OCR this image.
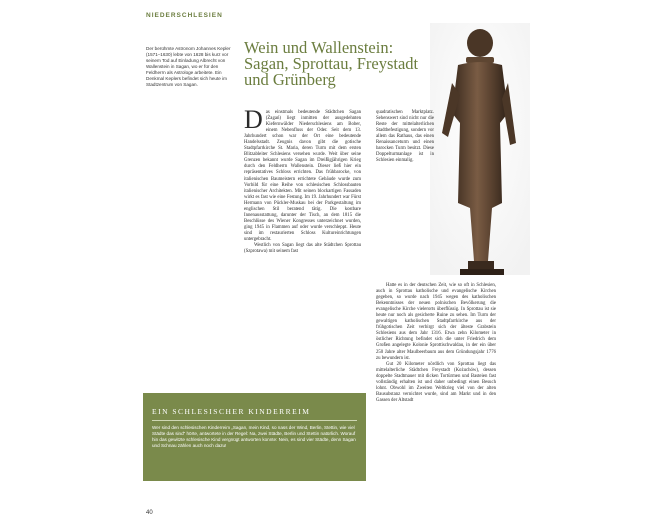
NIEDERSCHLESIEN
Der berühmte Astronom Johannes Kepler (1571–1630) lebte von 1628 bis kurz vor seinem Tod auf Einladung Albrecht von Wallenstein in Sagan, wo er für den Feldherrn als Astrologe arbeitete. Ein Denkmal Keplers befindet sich heute im Stadtzentrum von Sagan.
Wein und Wallenstein: Sagan, Sprottau, Freystadt und Grünberg

Das einstmals bedeutende Städtchen Sagan (Żagań) liegt inmitten der ausgedehnten Kiefernwälder Niederschlesiens am Bober, einem Nebenfluss der Oder. Seit dem 13. Jahrhundert schon war der Ort eine bedeutende Handelsstadt. Zeugnis davon gibt die gotische Stadtpfarrkirche St. Maria, deren Turm mit dem ersten Blitzableiter Schlesiens versehen wurde. Weit über seine Grenzen bekannt wurde Sagan im Dreißigjährigen Krieg durch den Feldherrn Wallenstein. Dieser ließ hier ein repräsentatives Schloss errichten. Das frühbarocke, von italienischen Baumeistern errichtete Gebäude wurde zum Vorbild für eine Reihe von schlesischen Schlossbauten italienischer Architekten. Mit seinen blockartigen Fassaden wirkt es fast wie eine Festung. Im 19. Jahrhundert war Fürst Hermann von Pückler-Muskau bei der Parkgestaltung im englischen Stil beratend tätig. Die kostbare Innenausstattung, darunter der Tisch, an dem 1815 die Beschlüsse des Wiener Kongresses unterzeichnet wurden, ging 1945 in Flammen auf oder wurde verschleppt. Heute sind im restaurierten Schloss Kultureinrichtungen untergebracht.

Westlich von Sagan liegt das alte Städtchen Sprottau (Szprotawa) mit seinem fast

quadratischen Marktplatz. Sehenswert sind nicht nur die Reste der mittelalterlichen Stadtbefestigung, sondern vor allem das Rathaus, das einen Renaissanceturm und einen barocken Turm besitzt. Diese Doppelturmanlage ist in Schlesien einmalig.

Hatte es in der deutschen Zeit, wie so oft in Schlesien, auch in Sprottau katholische und evangelische Kirchen gegeben, so wurde nach 1945 wegen des katholischen Bekenntnisses der neuen polnischen Bevölkerung die evangelische Kirche vielerorts überflüssig. In Sprottau ist sie heute nur noch als gesicherte Ruine zu sehen. Im Turm der gewaltigen katholischen Stadtpfarrkirche aus der frühgotischen Zeit verbirgt sich der älteste Grabstein Schlesiens aus dem Jahr 1316. Etwa zehn Kilometer in östlicher Richtung befindet sich die unter Friedrich dem Großen angelegte Kolonie Sprottischwaldau, in der ein über 250 Jahre alter Maulbeerbaum aus dem Gründungsjahr 1776 zu bewundern ist.

Gut 20 Kilometer nördlich von Sprottau liegt das mittelalterliche Städtchen Freystadt (Kożuchów), dessen doppelte Stadtmauer mit dicken Tortürmen und Basteien fast vollständig erhalten ist und daher unbedingt einen Besuch lohnt. Obwohl im Zweiten Weltkrieg viel von der alten Bausubstanz vernichtet wurde, sind am Markt und in den Gassen der Altstadt

EIN SCHLESISCHER KINDERREIM
Wer sind den schlesischen Kinderreim „Sagan, mein Kind, so nass der Wind, Berlin, Stettin, wie viel Städte das sind“ hörte, antwortete in der Regel: Na, zwei Städte, Berlin und Stettin natürlich. Worauf hin das gewitzte schlesische Kind vergnügt antworten konnte: Nein, es sind vier Städte, denn Sagan und Schnau zählen auch noch dazu!
40
